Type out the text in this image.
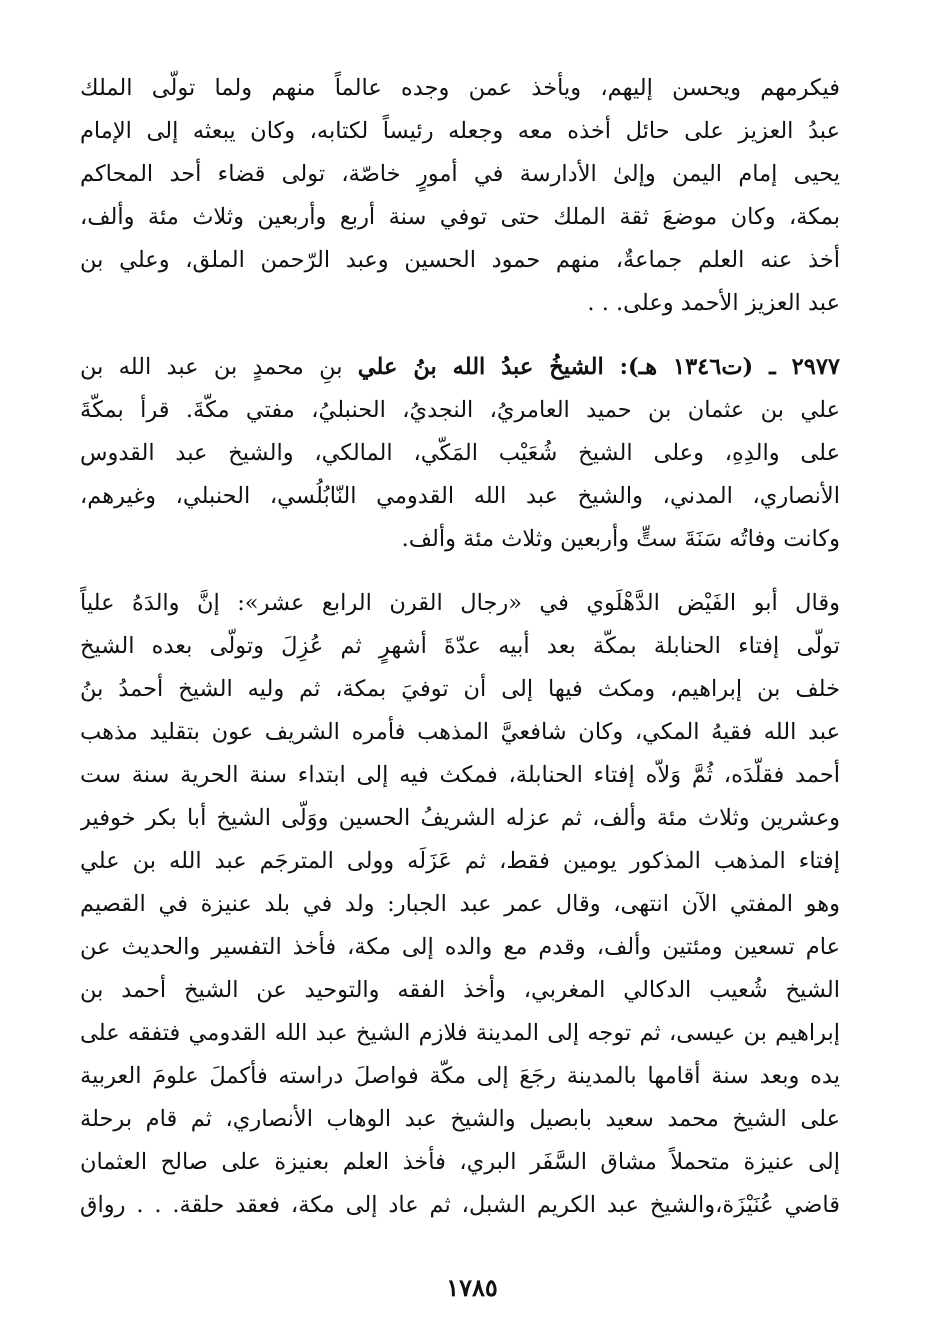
فيكرمهم ويحسن إليهم، ويأخذ عمن وجده عالماً منهم ولما تولّى الملك
عبدُ العزيز على حائل أخذه معه وجعله رئيساً لكتابه، وكان يبعثه إلى الإمام
يحيى إمام اليمن وإلىٰ الأدارسة في أمورٍ خاصّة، تولى قضاء أحد المحاكم
بمكة، وكان موضعَ ثقة الملك حتى توفي سنة أربع وأربعين وثلاث مئة وألف،
أخذ عنه العلم جماعةٌ، منهم حمود الحسين وعبد الرّحمن الملق، وعلي بن
عبد العزيز الأحمد وعلى. . .
٢٩٧٧ ـ (ت١٣٤٦ هـ): الشيخُ عبدُ الله بنُ علي بنِ محمدٍ بن عبد الله بن
علي بن عثمان بن حميد العامريُ، النجديُ، الحنبليُ، مفتي مكّةَ. قرأ بمكّةَ
على والدِهِ، وعلى الشيخ شُعَيْب المَكّي، المالكي، والشيخ عبد القدوس
الأنصاري، المدني، والشيخ عبد الله القدومي النّابُلُسي، الحنبلي، وغيرهم،
وكانت وفاتُه سَنَةَ ستٍّ وأربعين وثلاث مئة وألف.
وقال أبو الفَيْض الدَّهْلَوي في «رجال القرن الرابع عشر»: إنَّ والدَهُ علياً
تولّى إفتاء الحنابلة بمكّة بعد أبيه عدّةَ أشهرٍ ثم عُزِلَ وتولّى بعده الشيخ
خلف بن إبراهيم، ومكث فيها إلى أن توفيَ بمكة، ثم وليه الشيخ أحمدُ بنُ
عبد الله فقيهُ المكي، وكان شافعيَّ المذهب فأمره الشريف عون بتقليد مذهب
أحمد فقلّدَه، ثُمَّ وَلاّه إفتاء الحنابلة، فمكث فيه إلى ابتداء سنة الحرية سنة ست
وعشرين وثلاث مئة وألف، ثم عزله الشريفُ الحسين ووَلّى الشيخ أبا بكر خوفير
إفتاء المذهب المذكور يومين فقط، ثم عَزَلَه وولى المترجَم عبد الله بن علي
وهو المفتي الآن انتهى، وقال عمر عبد الجبار: ولد في بلد عنيزة في القصيم
عام تسعين ومئتين وألف، وقدم مع والده إلى مكة، فأخذ التفسير والحديث عن
الشيخ شُعيب الدكالي المغربي، وأخذ الفقه والتوحيد عن الشيخ أحمد بن
إبراهيم بن عيسى، ثم توجه إلى المدينة فلازم الشيخ عبد الله القدومي فتفقه على
يده وبعد سنة أقامها بالمدينة رجَعَ إلى مكّة فواصلَ دراسته فأكملَ علومَ العربية
على الشيخ محمد سعيد بابصيل والشيخ عبد الوهاب الأنصاري، ثم قام برحلة
إلى عنيزة متحملاً مشاق السَّفَر البري، فأخذ العلم بعنيزة على صالح العثمان
قاضي عُنَيْزَة،والشيخ عبد الكريم الشبل، ثم عاد إلى مكة، فعقد حلقة. . . رواق
١٧٨٥
